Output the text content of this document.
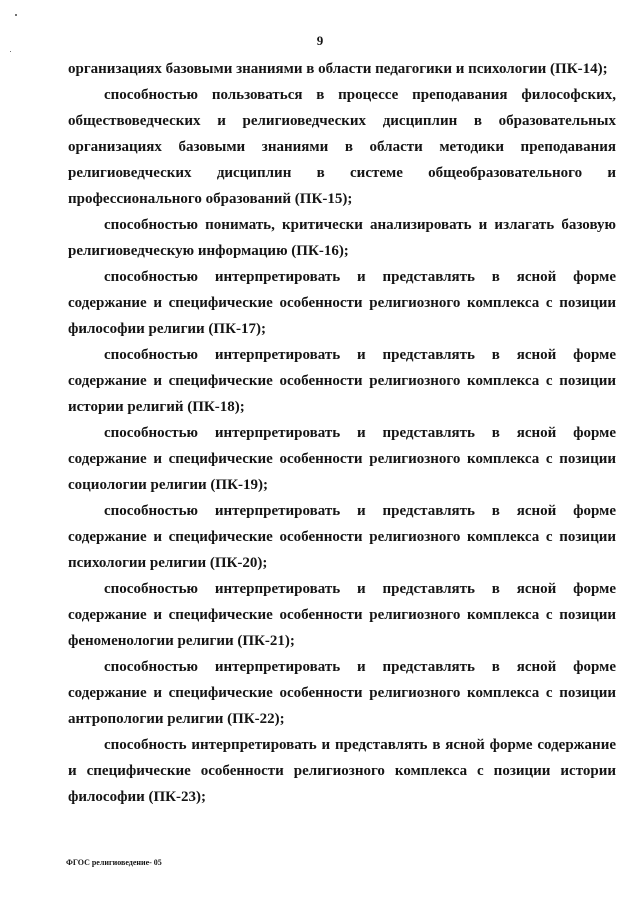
9

организациях базовыми знаниями в области педагогики и психологии (ПК-14);

способностью пользоваться в процессе преподавания философских, обществоведческих и религиоведческих дисциплин в образовательных организациях базовыми знаниями в области методики преподавания религиоведческих дисциплин в системе общеобразовательного и профессионального образований (ПК-15);

способностью понимать, критически анализировать и излагать базовую религиоведческую информацию (ПК-16);

способностью интерпретировать и представлять в ясной форме содержание и специфические особенности религиозного комплекса с позиции философии религии (ПК-17);

способностью интерпретировать и представлять в ясной форме содержание и специфические особенности религиозного комплекса с позиции истории религий (ПК-18);

способностью интерпретировать и представлять в ясной форме содержание и специфические особенности религиозного комплекса с позиции социологии религии (ПК-19);

способностью интерпретировать и представлять в ясной форме содержание и специфические особенности религиозного комплекса с позиции психологии религии (ПК-20);

способностью интерпретировать и представлять в ясной форме содержание и специфические особенности религиозного комплекса с позиции феноменологии религии (ПК-21);

способностью интерпретировать и представлять в ясной форме содержание и специфические особенности религиозного комплекса с позиции антропологии религии (ПК-22);

способность интерпретировать и представлять в ясной форме содержание и специфические особенности религиозного комплекса с позиции истории философии (ПК-23);

ФГОС религиоведение- 05
